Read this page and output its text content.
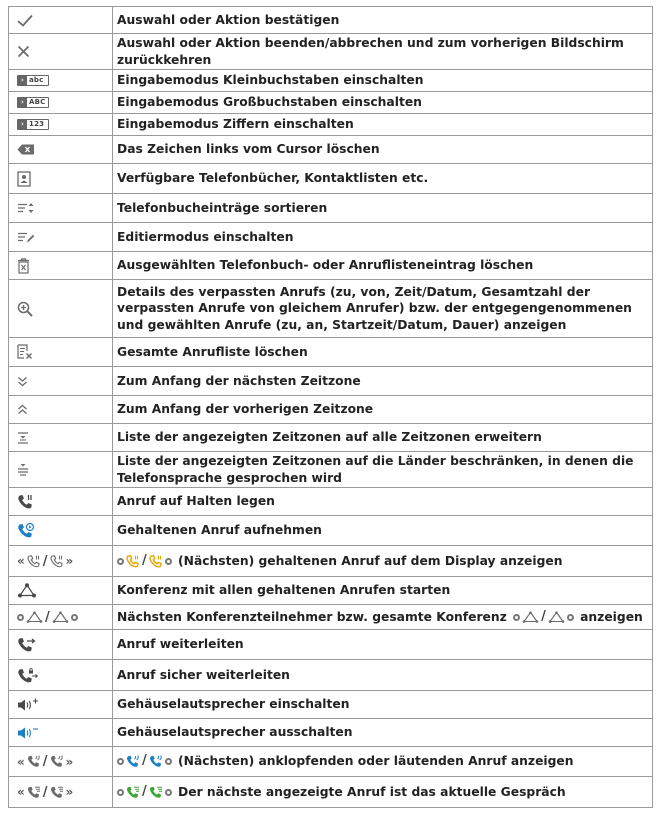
	Auswahl oder Aktion bestätigen

	Auswahl oder Aktion beenden/abbrechen und zum vorherigen Bildschirm zurückkehren

› abc	Eingabemodus Kleinbuchstaben einschalten

› ABC	Eingabemodus Großbuchstaben einschalten

› 123	Eingabemodus Ziffern einschalten

	Das Zeichen links vom Cursor löschen

	Verfügbare Telefonbücher, Kontaktlisten etc.

	Telefonbucheinträge sortieren

	Editiermodus einschalten

	Ausgewählten Telefonbuch- oder Anruflisteneintrag löschen

	Details des verpassten Anrufs (zu, von, Zeit/Datum, Gesamtzahl der verpassten Anrufe von gleichem Anrufer) bzw. der entgegengenommenen und gewählten Anrufe (zu, an, Startzeit/Datum, Dauer) anzeigen

	Gesamte Anrufliste löschen

	Zum Anfang der nächsten Zeitzone

	Zum Anfang der vorherigen Zeitzone

	Liste der angezeigten Zeitzonen auf alle Zeitzonen erweitern

	Liste der angezeigten Zeitzonen auf die Länder beschränken, in denen die Telefonsprache gesprochen wird

	Anruf auf Halten legen

	Gehaltenen Anruf aufnehmen

« / »	/ (Nächsten) gehaltenen Anruf auf dem Display anzeigen

	Konferenz mit allen gehaltenen Anrufen starten

/	Nächsten Konferenzteilnehmer bzw. gesamte Konferenz / anzeigen

	Anruf weiterleiten

	Anruf sicher weiterleiten

	Gehäuselautsprecher einschalten

	Gehäuselautsprecher ausschalten

« / »	/ (Nächsten) anklopfenden oder läutenden Anruf anzeigen

« / »	/ Der nächste angezeigte Anruf ist das aktuelle Gespräch
